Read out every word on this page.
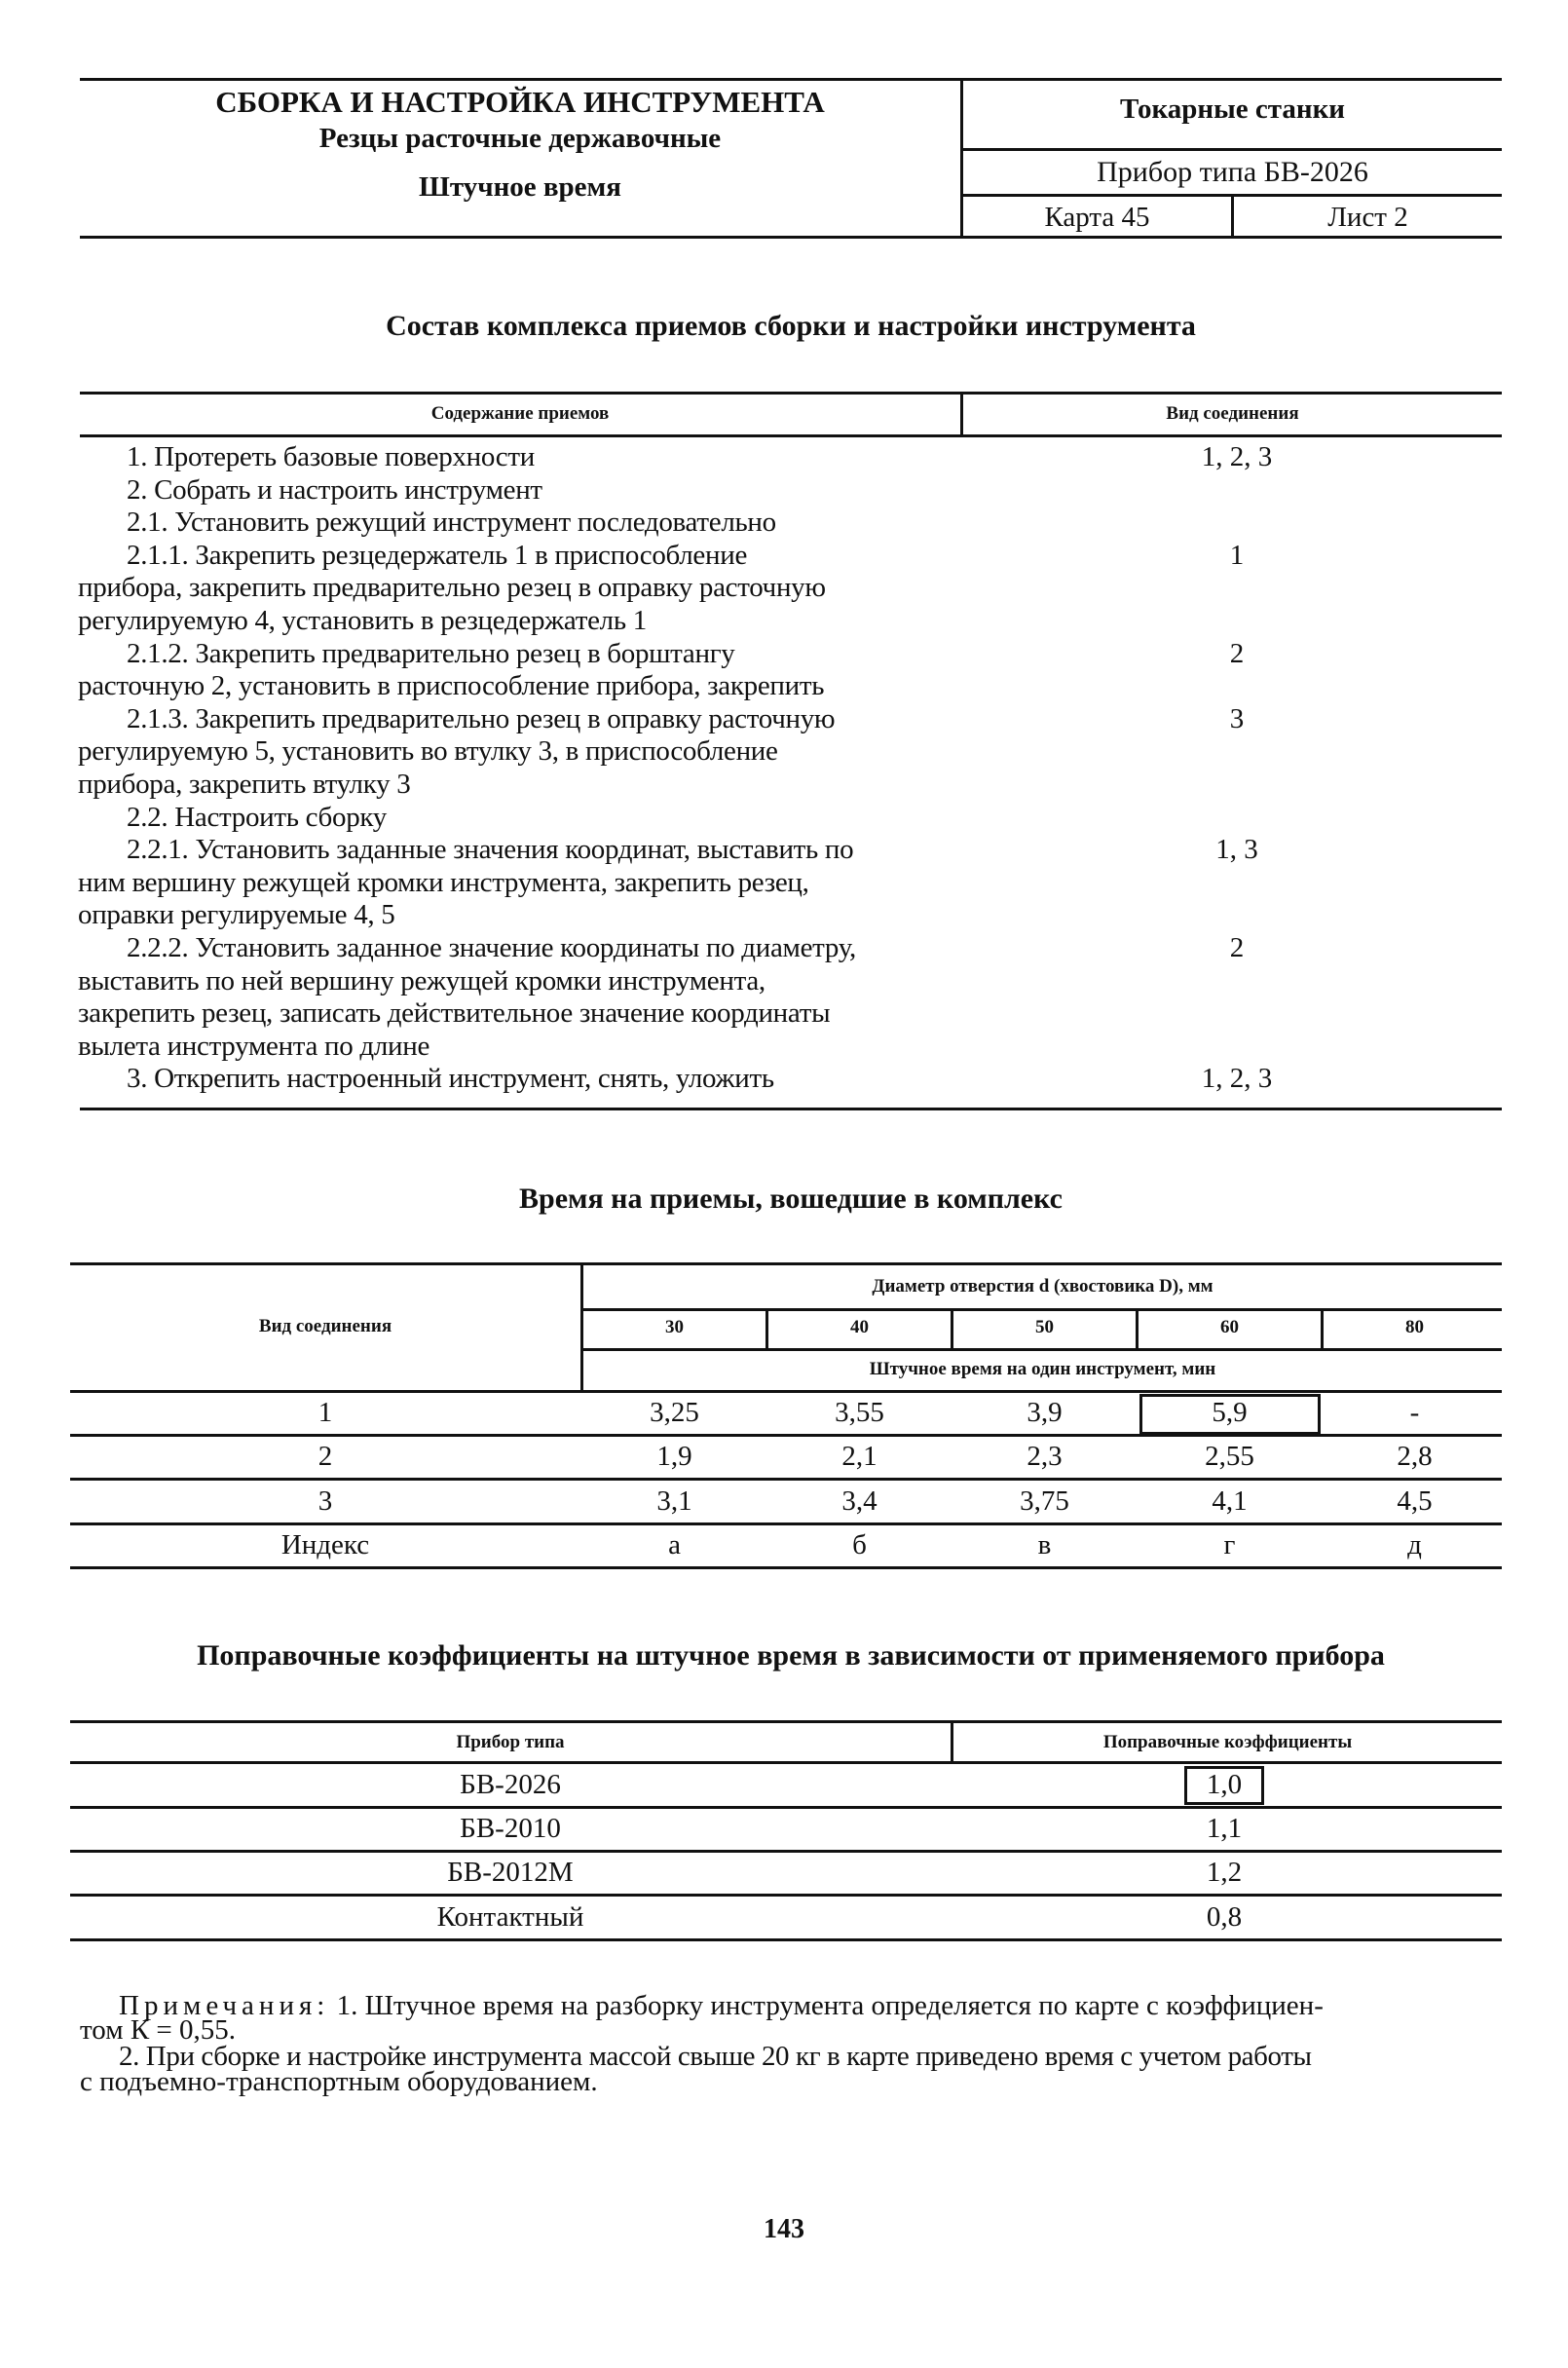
СБОРКА И НАСТРОЙКА ИНСТРУМЕНТА
Резцы расточные державочные
Штучное время
Токарные станки
Прибор типа БВ-2026
Карта 45	Лист 2
Состав комплекса приемов сборки и настройки инструмента
Содержание приемов	Вид соединения
1. Протереть базовые поверхности	1, 2, 3
2. Собрать и настроить инструмент
2.1. Установить режущий инструмент последовательно
2.1.1. Закрепить резцедержатель 1 в приспособление	1
прибора, закрепить предварительно резец в оправку расточную
регулируемую 4, установить в резцедержатель 1
2.1.2. Закрепить предварительно резец в борштангу	2
расточную 2, установить в приспособление прибора, закрепить
2.1.3. Закрепить предварительно резец в оправку расточную	3
регулируемую 5, установить во втулку 3, в приспособление
прибора, закрепить втулку 3
2.2. Настроить сборку
2.2.1. Установить заданные значения координат, выставить по	1, 3
ним вершину режущей кромки инструмента, закрепить резец,
оправки регулируемые 4, 5
2.2.2. Установить заданное значение координаты по диаметру,	2
выставить по ней вершину режущей кромки инструмента,
закрепить резец, записать действительное значение координаты
вылета инструмента по длине
3. Открепить настроенный инструмент, снять, уложить	1, 2, 3
Время на приемы, вошедшие в комплекс
Вид соединения
Диаметр отверстия d (хвостовика D), мм
Штучное время на один инструмент, мин
30	40	50	60	80
1	3,25	3,55	3,9	5,9	-
2	1,9	2,1	2,3	2,55	2,8
3	3,1	3,4	3,75	4,1	4,5
Индекс	а	б	в	г	д
Поправочные коэффициенты на штучное время в зависимости от применяемого прибора
Прибор типа	Поправочные коэффициенты
БВ-2026	1,0
БВ-2010	1,1
БВ-2012М	1,2
Контактный	0,8
Примечания: 1. Штучное время на разборку инструмента определяется по карте с коэффициен-
том К = 0,55.
2. При сборке и настройке инструмента массой свыше 20 кг в карте приведено время с учетом работы
с подъемно-транспортным оборудованием.
143
